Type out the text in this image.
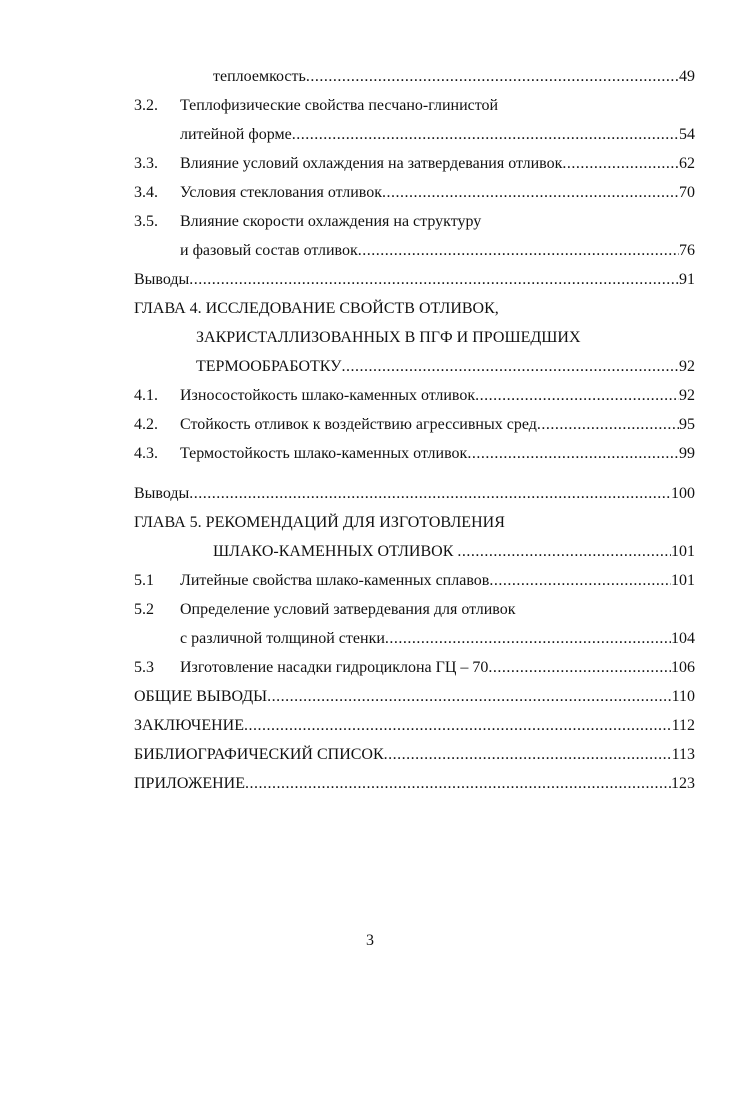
теплоемкость .....	49
3.2. Теплофизические свойства песчано-глинистой
литейной форме .....	54
3.3. Влияние условий охлаждения на затвердевания отливок .....	62
3.4. Условия стеклования отливок .....	70
3.5. Влияние скорости охлаждения на структуру
и фазовый состав отливок .....	76
Выводы .....	91
ГЛАВА 4. ИССЛЕДОВАНИЕ СВОЙСТВ ОТЛИВОК,
ЗАКРИСТАЛЛИЗОВАННЫХ В ПГФ И ПРОШЕДШИХ
ТЕРМООБРАБОТКУ .....	92
4.1. Износостойкость шлако-каменных отливок .....	92
4.2. Стойкость отливок к воздействию агрессивных сред .....	95
4.3. Термостойкость шлако-каменных отливок .....	99
Выводы .....	100
ГЛАВА 5. РЕКОМЕНДАЦИЙ ДЛЯ ИЗГОТОВЛЕНИЯ
ШЛАКО-КАМЕННЫХ ОТЛИВОК .....	101
5.1 Литейные свойства шлако-каменных сплавов .....	101
5.2 Определение условий затвердевания для отливок
с различной толщиной стенки .....	104
5.3 Изготовление насадки гидроциклона ГЦ – 70 .....	106
ОБЩИЕ ВЫВОДЫ .....	110
ЗАКЛЮЧЕНИЕ .....	112
БИБЛИОГРАФИЧЕСКИЙ СПИСОК .....	113
ПРИЛОЖЕНИЕ .....	123
3
